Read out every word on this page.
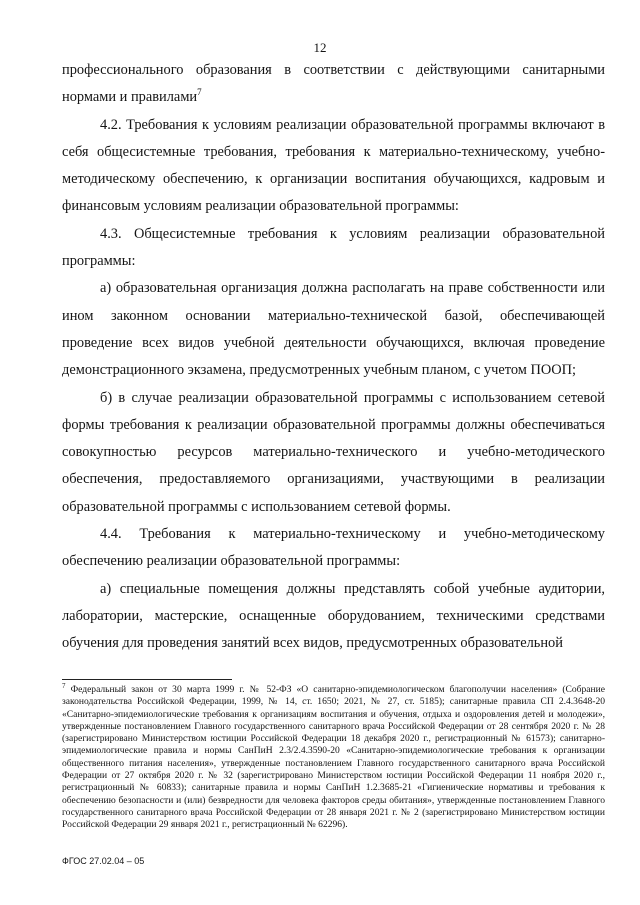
12

профессионального образования в соответствии с действующими санитарными нормами и правилами$^7$

4.2. Требования к условиям реализации образовательной программы включают в себя общесистемные требования, требования к материально-техническому, учебно-методическому обеспечению, к организации воспитания обучающихся, кадровым и финансовым условиям реализации образовательной программы:

4.3. Общесистемные требования к условиям реализации образовательной программы:

а) образовательная организация должна располагать на праве собственности или ином законном основании материально-технической базой, обеспечивающей проведение всех видов учебной деятельности обучающихся, включая проведение демонстрационного экзамена, предусмотренных учебным планом, с учетом ПООП;

б) в случае реализации образовательной программы с использованием сетевой формы требования к реализации образовательной программы должны обеспечиваться совокупностью ресурсов материально-технического и учебно-методического обеспечения, предоставляемого организациями, участвующими в реализации образовательной программы с использованием сетевой формы.

4.4. Требования к материально-техническому и учебно-методическому обеспечению реализации образовательной программы:

а) специальные помещения должны представлять собой учебные аудитории, лаборатории, мастерские, оснащенные оборудованием, техническими средствами обучения для проведения занятий всех видов, предусмотренных образовательной

$^7$ Федеральный закон от 30 марта 1999 г. № 52-ФЗ «О санитарно-эпидемиологическом благополучии населения» (Собрание законодательства Российской Федерации, 1999, № 14, ст. 1650; 2021, № 27, ст. 5185); санитарные правила СП 2.4.3648-20 «Санитарно-эпидемиологические требования к организациям воспитания и обучения, отдыха и оздоровления детей и молодежи», утвержденные постановлением Главного государственного санитарного врача Российской Федерации от 28 сентября 2020 г. № 28 (зарегистрировано Министерством юстиции Российской Федерации 18 декабря 2020 г., регистрационный № 61573); санитарно-эпидемиологические правила и нормы СанПиН 2.3/2.4.3590-20 «Санитарно-эпидемиологические требования к организации общественного питания населения», утвержденные постановлением Главного государственного санитарного врача Российской Федерации от 27 октября 2020 г. № 32 (зарегистрировано Министерством юстиции Российской Федерации 11 ноября 2020 г., регистрационный № 60833); санитарные правила и нормы СанПиН 1.2.3685-21 «Гигиенические нормативы и требования к обеспечению безопасности и (или) безвредности для человека факторов среды обитания», утвержденные постановлением Главного государственного санитарного врача Российской Федерации от 28 января 2021 г. № 2 (зарегистрировано Министерством юстиции Российской Федерации 29 января 2021 г., регистрационный № 62296).
ФГОС 27.02.04 – 05
